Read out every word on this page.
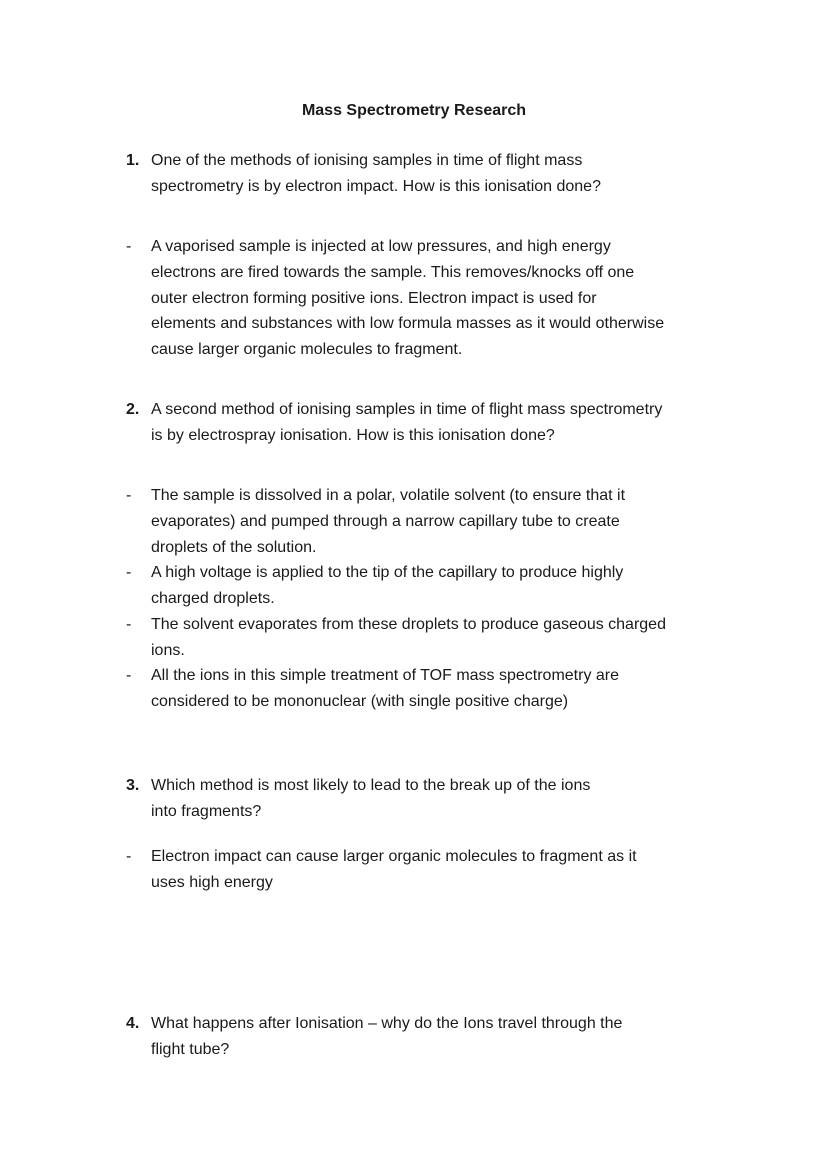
Mass Spectrometry Research
1. One of the methods of ionising samples in time of flight mass
spectrometry is by electron impact. How is this ionisation done?
- A vaporised sample is injected at low pressures, and high energy
electrons are fired towards the sample. This removes/knocks off one
outer electron forming positive ions. Electron impact is used for
elements and substances with low formula masses as it would otherwise
cause larger organic molecules to fragment.
2. A second method of ionising samples in time of flight mass spectrometry
is by electrospray ionisation. How is this ionisation done?
- The sample is dissolved in a polar, volatile solvent (to ensure that it
evaporates) and pumped through a narrow capillary tube to create
droplets of the solution.
- A high voltage is applied to the tip of the capillary to produce highly
charged droplets.
- The solvent evaporates from these droplets to produce gaseous charged
ions.
- All the ions in this simple treatment of TOF mass spectrometry are
considered to be mononuclear (with single positive charge)
3. Which method is most likely to lead to the break up of the ions
into fragments?
- Electron impact can cause larger organic molecules to fragment as it
uses high energy
4. What happens after Ionisation – why do the Ions travel through the
flight tube?
